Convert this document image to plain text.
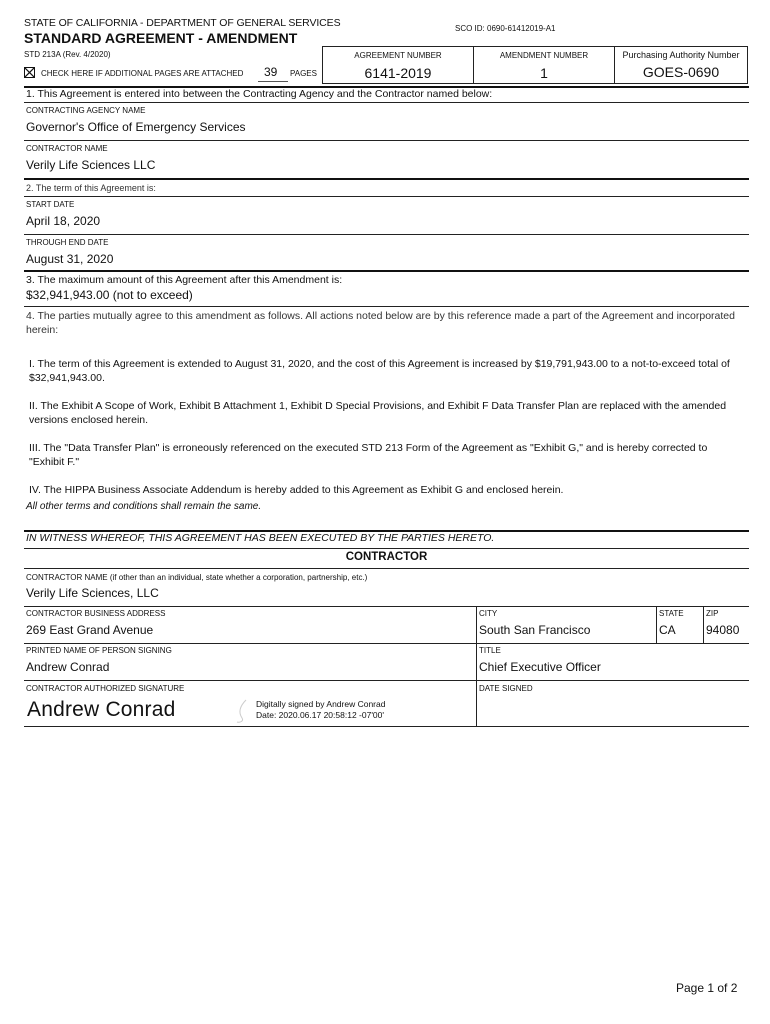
STATE OF CALIFORNIA - DEPARTMENT OF GENERAL SERVICES
STANDARD AGREEMENT - AMENDMENT
STD 213A (Rev. 4/2020)
SCO ID: 0690-61412019-A1
CHECK HERE IF ADDITIONAL PAGES ARE ATTACHED 39 PAGES
AGREEMENT NUMBER
6141-2019
AMENDMENT NUMBER
1
Purchasing Authority Number
GOES-0690
1. This Agreement is entered into between the Contracting Agency and the Contractor named below:
CONTRACTING AGENCY NAME
Governor's Office of Emergency Services
CONTRACTOR NAME
Verily Life Sciences LLC
2. The term of this Agreement is:
START DATE
April 18, 2020
THROUGH END DATE
August 31, 2020
3. The maximum amount of this Agreement after this Amendment is:
$32,941,943.00 (not to exceed)
4. The parties mutually agree to this amendment as follows. All actions noted below are by this reference made a part of the Agreement and incorporated herein:
I. The term of this Agreement is extended to August 31, 2020, and the cost of this Agreement is increased by $19,791,943.00 to a not-to-exceed total of $32,941,943.00.
II. The Exhibit A Scope of Work, Exhibit B Attachment 1, Exhibit D Special Provisions, and Exhibit F Data Transfer Plan are replaced with the amended versions enclosed herein.
III. The "Data Transfer Plan" is erroneously referenced on the executed STD 213 Form of the Agreement as "Exhibit G," and is hereby corrected to "Exhibit F."
IV. The HIPPA Business Associate Addendum is hereby added to this Agreement as Exhibit G and enclosed herein.
All other terms and conditions shall remain the same.
IN WITNESS WHEREOF, THIS AGREEMENT HAS BEEN EXECUTED BY THE PARTIES HERETO.
CONTRACTOR
CONTRACTOR NAME (if other than an individual, state whether a corporation, partnership, etc.)
Verily Life Sciences, LLC
CONTRACTOR BUSINESS ADDRESS
269 East Grand Avenue
CITY
South San Francisco
STATE
CA
ZIP
94080
PRINTED NAME OF PERSON SIGNING
Andrew Conrad
TITLE
Chief Executive Officer
CONTRACTOR AUTHORIZED SIGNATURE
Andrew Conrad	Digitally signed by Andrew Conrad
Date: 2020.06.17 20:58:12 -07'00'
DATE SIGNED
Page 1 of 2
